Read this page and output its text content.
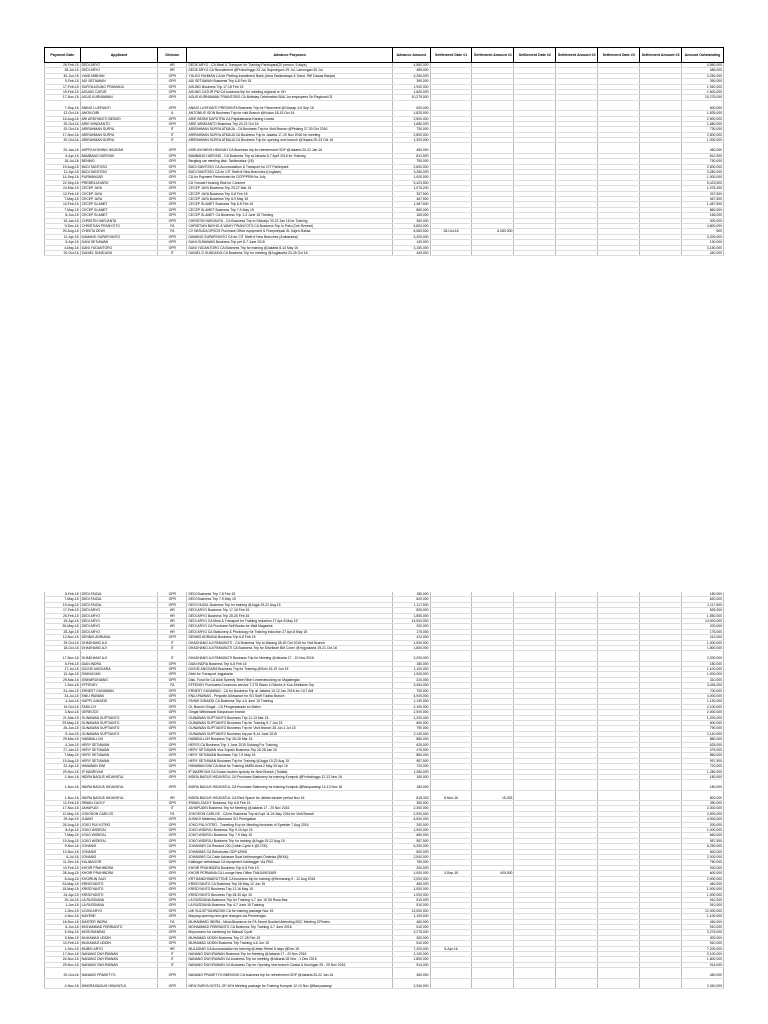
Payment Date	Applicant	Division	Advance Purposes	Advance Amount	Settlement Date #1	Settlement Amount #1	Settlement Date #2	Settlement Amount #2	Settlement Date #3	Settlement Amount #3	Amount Outstanding
26-Feb-15	DEDI ARYO	HR	DEDE ARYO - CA Meal & Transport for Training Participant(20 person, 9 days)	4,560,000							4,560,000
28-Jul-15	DEDI ARYO	HR	DEDE ARYO CA Recruitment @Probolinggo 23 Jul, Bojonegoro 29 Jul, Lamongan 30 Jul	489,000							489,000
30-Jun-15	VIASI MIBHAN	OPR	YULKO FAHMAN CA for Plotting Installment Bank (Area Tasikmalaya & Garut, Riff Cawas Banjar)	3,250,000							3,250,000
5-Feb-15	ADI SETIAWAN	OPR	ADI SETIAWAN Business Trip 6-8 Feb 15	390,000							390,000
17-Feb-15	SURYA AGUNG PRAMUDA	OPR	AGUNG Business Trip 17-18 Feb 15	1,940,000							1,940,000
19-Feb-15	AGUNG CATUR	OPR	AGUNG CATUR PW CA business trip for meeting regional sr OH	1,600,000							1,600,000
17-Nov-15	AGUS KURNIAWAN	OPR	AGUS KURNIAWAN TRAINTORO CA Birthday Celebration BAU 1st employees Sn Regional 03	10,275,000							10,275,000

7-Sep-16	ANING LUSFIANTI	OPR	ANING LUSFIANTI PRESHINTA Business Trip for Placement @Cilacap 4-6 Sep 16	600,000							600,000
12-Oct-16	ANON DIRI	IL	ANTONIUS ISON Business Trip for visit Branch @Kudus 18-19 Oct 16	1,825,000							1,825,000
16-Aug-16	ARI ARDIYANTO BESMO	OPR	ARIE BESMI DAPUTRA CA Pajaklaksana Karang Lewas	2,500,000							2,500,000
20-Oct-16	ARIE WINDIANTO	OPR	ARIE WINDIANTO Business Trip 20-21 Oct 16	1,680,000							1,680,000
20-Oct-16	ARIRAHMAN SURYA	IT	ARIRAHMAN SURYA ATMAJA - CA Business Trip for Visit Branch @Pelaing 27-30 Oct 2016	730,000							730,000
17-Nov-16	ARIRAHMAN SURYA	IT	ARIRAHMAN SURYA ATMAJA CA Business Trip to Jakarta 17-20 Nov 2016 for meeting	2,800,000							2,800,000
20-Oct-16	ARIRAHMAN SURYA	IT	ARIRAHMAN SURYA ATMAJA CA Business Trip for opening new branch @Jepara 20-23 Oct 16	1,300,000							1,300,000

20-Jan-16	ASPRI AYUNING HIDAYAH	OPR	ASRI AYUNING HIDAYAH CA Business trip for refreshment ODP @Jakarta 20-22 Jan 16	450,000							450,000
6-Apr-16	BAMBANG HARYADI	OPR	BAMBANG HARYADI - CA Business Trip at Jakarta 5-7 April 2016 for Training	812,500							812,500
18-Jul-16	BENING	OPR	Bergitng car meeting disk. Tasikmalaur (18)	750,000							750,000
19-Aug-15	BUDI SANTOSO	OPR	BUDI SANTOSO CA Accomodation & Transport for CIT Participant	2,600,000							2,600,000
11-Apr-15	BUDI SANTOSO	OPR	BUDI SANTOSO CA for CIT Staff of New Branches (Lingkam)	3,280,000							3,280,000
14-Sep-16	PURWANJAR	OPR	CA for Payment Pemerintah for DCPPPRW for July	1,000,000							1,000,000
22-Sep-16	PREBESJAYARO	OPR	CA Yurnabi Housing Stok for Cuncent	5,423,500							5,423,500
24-Mar-15	CECEP JAYA	OPR	CECEP JAYA Business Trip 23-27 Mar 15	1,075,200							1,075,200
12-Feb-15	CECEP JAYA	OPR	CECEP JAYA Business Trip 6-8 Feb 15	337,500							337,500
7-May-15	CECEP JAYA	OPR	CECEP JAYA Business Trip 8-9 May 15	467,500							467,500
10-Feb-15	CECEP SLAMET	OPR	CECEP SLAMET Business Trip 6-8 Feb 15	1,487,500							1,487,500
7-May-15	CECEP SLAMET	OPR	CECEP SLAMET Business Trip 7-9 May 15	860,000							860,000
8-Jun-15	CECEP SLAMET	OPR	CECEP SLAMET CA Business Trip 1-3 June 15 Training	165,000							165,000
15-Jan-16	CHRISTIN HARJANTA	OPR	CHRISTIN HARJANTA - CA Business Trip to Sidoarjo 20-22 Jan 16 for Training	300,000							300,000
9-Dec-16	CHRISTIAN PRANYOTO	FA	CHRISTIAN BAYHO & WAHY PRANYOTO CA Business Trip to Palu (Cek Renewi)	4,800,000							4,800,000
20-Aug-16	CHINTIA DEWI	FA	CV WISUDA DPSOS Purchase Office equipment & Pumpsetpak SL Kajeh-Raksa	6,083,500	28-Oct-16	6,083,000					500
11-Apr-15	DAMANG SUPARYANTO	OPR	DAMANG SUPARYANTO CA for CIT Staff of New Branches (Ambarawa)	3,200,000							3,200,000
5-Apr-15	DANI SETIAWAN	OPR	DANI GUNAWAN Business Trip per 8-7 June 2015	130,000							130,000
4-May-16	DANI YUDANTORO	OPR	DANI YUDANTORO CA Business Trip for training @Jakarta 8-14 May 16	3,150,000							3,150,000
20-Oct-16	DANIEL SUNDJAYA	IT	DANIEL D SUNDJAYA CA Business Trip for meeting @Jogjakarta 20-25 Oct 16	440,000							440,000
5-Feb-15	DEDI FAIZAL	OPR	DEDI Business Trip 7-8 Feb 15	180,000							180,000
7-May-15	DEDI FAIZAL	OPR	DEDI Business Trip 7-9 May 15	620,000							620,000
19-Aug-15	DEDI FAIZAL	OPR	DEDI FAIZAL Business Trip for training @Jogja 19-22 Aug 15	1,117,500							1,117,500
17-Feb-15	DEDI ARYO	HR	DEDI ARYO Business Trip 17-18 Feb 15	825,000							825,000
25-Feb-15	DEDI ARYO	HR	DEDI ARYO Business Trip 25-26 Feb 15	1,550,000							1,550,000
26-Apr-15	DEDI ARYO	HR	DEDI ARYO CA Meal & Transport for Training Induction 27 Apr-8 May 15	14,000,000							14,000,000
26-May-15	DEDI ARYO	HR	DEDI ARYO CA Purchase Self Books for Wall Magazine	200,000							200,000
28-Apr-15	DEDI ARYO	HR	DEDI ARYO CA Stationery & Photocopy for Training Induction 27 Apr-8 May 15	175,000							175,000
12-Nov-15	DENNIS ADRIANA	OPR	DENNIS ADRIANA Business Trip 6-8 Feb 15	412,000							412,000
25-Oct-16	DHADHANG AJI	IT	DHADHANG AJI PAMUNGTI - CA Business Trip to Malang 28-30 Oct 2016 for Visit Branch	1,000,000							1,000,000
18-Oct-16	DHADHANG AJI	IT	DHADHANG AJI PAMUNGTI CA Business Trip for Distribute BM Cover @Yogyakarta 19-21 Oct 16	1,800,000							1,800,000

17-Nov-16	DHADHANG AJI	IT	DHADHANG AJI PAMUNGTI Business Trip for Meeting @Jakarta 17 - 20 Nov 2016	2,200,000							2,200,000
6-Feb-15	DIAN INDRA	OPR	DIAN INDRA Business Trip 6-8 Feb 15	180,000							180,000
17-Jul-15	DICKIE ANGGARA	OPR	DICKIE ANGGARA Business Trip for Training @Solo 16-19 Jun 15	1,100,000							1,100,000
10-Apr-15	DWINUGAN	OPR	Dicki for Transport Jogjakarta	1,000,000							1,000,000
29-Mar-16	DWIWIRUNIANG	OPR	Disk. Fund for CA Addt Speedy Tebe Effort Lewerdeunding on Majalengka	310,000							310,000
1-Dec-16	EFFENDY	FA	EFFENDY Purchased Donmoos service T-275 Wado Lt Blocks & Kuo-Ebellaive Grp	3,454,000							3,454,000
24-Jan-15	ERNEST GUNAWAN	OPR	ERNEST GUNAWAN - CA for Business Trip at Jakarta 10-12 Jan 2016 for CUT AM	700,000							700,000
24-Jul-15	ENIU IRAWAN	OPR	ENIU IRAWAN - Perjanlin Allowance for SO Staff Tulatia Branch	4,000,000							4,000,000
4-Jun-15	HAPPI JUNAEDI	OPR	FAHMI JUNAEDI CA Business Trip 4-6 June 15 Training	1,130,000							1,130,000
19-Oct-16	FADILCH	OPR	GL Branch Gingal - CA Pengendaraan ex Malen	2,100,000							2,100,000
3-Nov-16	GEREOCE	OPR	Gingal Withdrawal Kaspuncan branch	2,000,000							2,000,000
21-Mar-15	GUNAWAN SUPTIANTO	OPR	GUNAWAN SUPTIANTO Business Trip 11-13 Mar 15	1,200,000							1,200,000
29-May-15	GUNAWAN SUPTIANTO	OPR	GUNAWAN SUPTIANTO Business Trip for Training 9-7 Jun 15	600,000							600,000
26-Jun-15	GUNAWAN SUPTIANTO	OPR	GUNAWAN SUPTIANTO Business Trip for Visit Branch 28 Jun-1 Jul 15	790,000							790,000
5-Jun-15	GUNAWAN SUPTIANTO	OPR	GUNAWAN SUPTIANTO Business trip per 8-14 June 2015	2,140,000							2,140,000
29-Mar-15	HABIBULLOH	OPR	HABIBULLOH Business Trip 26-28 Mar 15	880,000							880,000
4-Jun-15	HERY SETIAWAN	OPR	HERI'S CA Business Trip 1 June 2015 Subang For Training	625,000							625,000
27-Jan-15	HERY SETIAWAN	OPR	HERY SETIAWAN Visc Supelc Business Trip 26-28 Jan 15	475,000							475,000
7-May-15	HERY SETIAWAN	OPR	HERY SETIAWAN Business Trip 7-9 May 15	860,000							860,000
19-Aug-15	HERY SETIAWAN	OPR	HERY SETIAWAN Business Trip for Training @Jogja 19-22 Aug 15	957,500							957,500
22-Apr-15	HIMAWAN DWI	OPR	HIMAWAN DWI CA Meal for Training AMRA Area 2 May 25 Apr 15	720,000							720,000
29-Nov-16	IP MASRIYAH	OPR	IP MASRIYAH CA Social modem speedy for New Branch (Tulatia)	1,280,000							1,280,000
1-Nov-16	INDRA BAGUS HIDAYATUL	OPR	INDRA BAGUS HIDAYATUL CA Purchase Stationery for training Kompok @Probolinggo 12-13 Nov 16	180,000							180,000

1-Nov-16	INDRA BAGUS HIDAYATUL	OPR	INDRA BAGUS HIDAYATUL CA Purchase Stationery for training Kompok @Banyuwangi 12-13 Nov 16	180,000							180,000

1-Nov-16	INDRA BAGUS HIDAYATUL	HR	INDRA BAGUS HIDAYATUL CA Rent Space for Jakfan tarnber period Nov 16	815,333	8-Nov-16	15,333					800,000
12-Feb-15	IRWAN ZACKY	OPR	IRWAN ZACKY Business Trip 6-8 Feb 15	350,000							350,000
17-Nov-16	JAHAPUDI	IT	JAHAPUDIN Business Trip for Meeting @Jakarta 17 - 20 Nov 2016	2,300,000							2,300,000
12-May-16	JOKOSON CARLOS	FA	JOKOSON CARLOS - CA for Business Trip at Kopi 11-24 May 2016 for Visit Branch	2,000,000							2,000,000
29-Apr-15	JUANG	OPR	JUANGI Materiary Allowance SO Penegakan	4,000,000							4,000,000
26-Aug-16	JOKO PULYOTRO	OPR	JOKO PULYOTRO - Traveling Exp for Meeting business of Speeder 7 Aug 2016	200,000							200,000
8-Apr-15	JOKO WIDIRJU	OPR	JOKO WIDIRJU Business Trip 9-10 Apr 15	1,000,000							1,000,000
7-May-15	JOKO WIDIRJU	OPR	JOKO WIDIRJU Business Trip 7-9 May 15	660,000							660,000
19-Aug-15	JOKO WIDIRJU	OPR	JOKO WIDIRJU Business Trip for training @Jogja 19-22 Aug 15	987,500							987,500
9-Nov-16	JOHANIS	OPR	JOHANNIS CA Renaud 230 (Cabin Cycle k @17/00)	6,250,000							6,250,000
12-Nov-16	JOHANIS	OPR	JOHANNIS CA Reimburse ODP 4/09/5	500,000							500,000
6-Jul-16	JOHANIS	OPR	JOHANNIS CA Cade Advance Suat Unfirmanged Onlenda (BKKA)	2,000,000							2,000,000
11-Dec-16	KALIBAGOR	OPR	Kalibagor withdrawal CA repayment Kalibagger Via PBO	750,000							750,000
10-Feb-15	KHOIR PRAHINDRA	OPR	KHOIR PRAHINDRA Business Trip 6-8 Feb 15	200,000							200,000
28-Aug-15	KHOIR PRAHINDRA	OPR	KHOIR PERMANA CA Lounge New Office TANJUNGSARI	1,000,000	3-Sep-15	400,000					600,000
8-Aug-16	KHOIRUN SAZI	OPR	KRT BANDHWARUTTINE CA business trip for training @Semarang 9 - 12 Aug 2016	2,000,000							2,000,000
24-May-15	KRISDYANTO	OPR	KRISDYANTO CA Business Trip 28 May-12 Jun 15	460,000							460,000
15-May-15	KRISDYANTO	OPR	KRISDYANTO Business Trip 11-16 May 15	1,000,000							1,000,000
24-Apr-15	KRISDYANTO	OPR	KRISDYANTO Business Trip 28-30 Apr 15	1,000,000							1,000,000
20-Jul-15	LA RUSDIANA	OPR	LA RUSDIANA Business Trip for Training 4-7 Jun 15 Sit Rosa Bas	510,000							510,000
1-Jun-15	LA RUSDIANA	OPR	LA RUSDIANA Business Trip 4-7 June 15 Training	510,000							510,000
1-Dec-15	LEONI ARYO	OPR	LMI SULISTYANINGSIH CA for training package Nov 15	12,000,000							12,000,000
4-Nov-16	MAYENE	OPR	Mayang opening new give changes via Perunengko	1,100,000							1,100,000
16-Nov-16	MASTER INDRA	FA	MUHAMMAD INDRA - Meal Allowance for FA Secret Bocited Attending BOC Meeting CPIndeo	460,000							460,000
6-Jun-16	MOHAMMAD FEBRIANTO	OPR	MOHAMMAD FEBRIANTO CA Business Trip Training 4-7 June 2016	510,000							510,000
5-Sep-16	MOSONANING	OPR	Mojonoomo for sambong for Manual Cycle	3,275,000							3,275,000
5-Mar-15	MUHAMAD UDDIN	OPR	MUHAMAD UDDIN Business Trip 27-28 Feb 15	300,000							300,000
10-Feb-15	MUHAMAD UDDIN	OPR	MUHAMAD UDDIN Business Trip Training 4-6 Jun 15	510,000							510,000
1-Dec-15	MURID ARYO	HR	MULASIAR CA Accomodation for training @Jefan Rebel 8 days @Dec 15	7,200,000	5-Apr-16						7,200,000
17-Nov-16	NANANG DWI IRAWAN	IT	NANANG DWI IRAWAN Business Trip for Meeting @Jakarta 17 - 20 Nov 2016	2,100,000							2,100,000
24-Nov-16	NANANG DWI IRAWAN	IT	NANANG DWI IRAWAN CA business Trip for meeting @Jakarta 28 Nov - 1 Des 2016	1,800,000							1,800,000
29-Nov-16	NANANG DWI IRAWAN	IT	NANANG DWI IRAWAN CA Business Trip for Opening new branch Cicalat & Kuningan 29 - 29 Nov 2016	914,000							914,000

20-Oct-16	NANANG PRASETYO	OPR	NANANG PRASETYO BIMSONO CA business trip for refreshment ODP @Jakarta 20-22 Jan 16	450,000							450,000

4-Nov-16	NINDRA BAGUS HIDAYATUL	OPR	NEW SURYA HOTEL OP 40% Meeting package for Training Kompok 12-13 Nov @Banyuwangi	2,340,000							2,340,000
